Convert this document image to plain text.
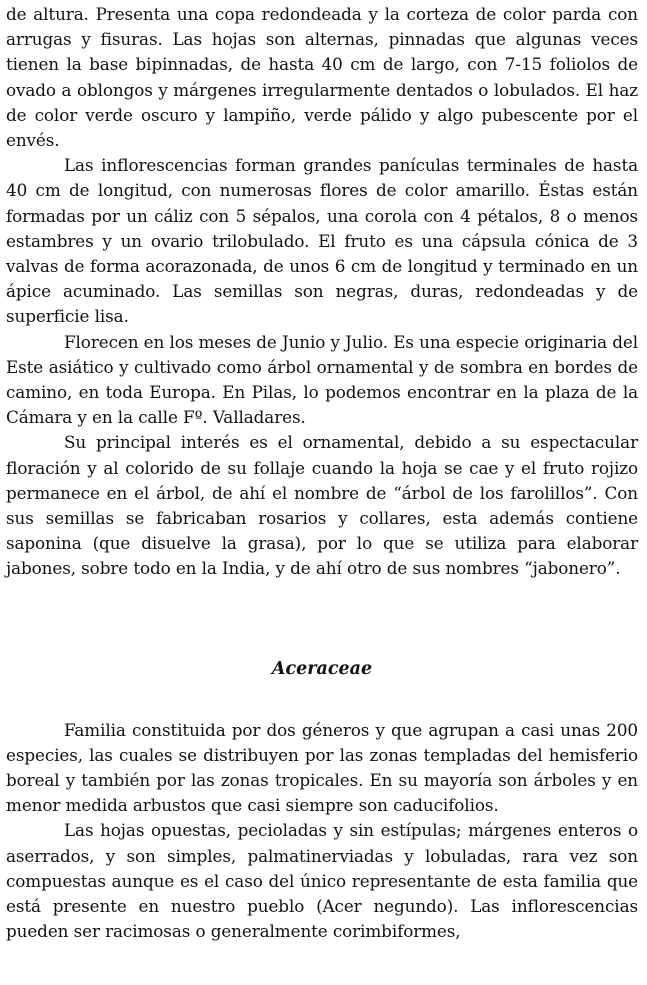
de altura. Presenta una copa redondeada y la corteza de color parda con arrugas y fisuras. Las hojas son alternas, pinnadas que algunas veces tienen la base bipinnadas, de hasta 40 cm de largo, con 7-15 foliolos de ovado a oblongos y márgenes irregularmente dentados o lobulados. El haz de color verde oscuro y lampiño, verde pálido y algo pubescente por el envés.

Las inflorescencias forman grandes panículas terminales de hasta 40 cm de longitud, con numerosas flores de color amarillo. Éstas están formadas por un cáliz con 5 sépalos, una corola con 4 pétalos, 8 o menos estambres y un ovario trilobulado. El fruto es una cápsula cónica de 3 valvas de forma acorazonada, de unos 6 cm de longitud y terminado en un ápice acuminado. Las semillas son negras, duras, redondeadas y de superficie lisa.

Florecen en los meses de Junio y Julio. Es una especie originaria del Este asiático y cultivado como árbol ornamental y de sombra en bordes de camino, en toda Europa. En Pilas, lo podemos encontrar en la plaza de la Cámara y en la calle Fº. Valladares.

Su principal interés es el ornamental, debido a su espectacular floración y al colorido de su follaje cuando la hoja se cae y el fruto rojizo permanece en el árbol, de ahí el nombre de “árbol de los farolillos”. Con sus semillas se fabricaban rosarios y collares, esta además contiene saponina (que disuelve la grasa), por lo que se utiliza para elaborar jabones, sobre todo en la India, y de ahí otro de sus nombres “jabonero”.

Aceraceae

Familia constituida por dos géneros y que agrupan a casi unas 200 especies, las cuales se distribuyen por las zonas templadas del hemisferio boreal y también por las zonas tropicales. En su mayoría son árboles y en menor medida arbustos que casi siempre son caducifolios.

Las hojas opuestas, pecioladas y sin estípulas; márgenes enteros o aserrados, y son simples, palmatinerviadas y lobuladas, rara vez son compuestas aunque es el caso del único representante de esta familia que está presente en nuestro pueblo (Acer negundo). Las inflorescencias pueden ser racimosas o generalmente corimbiformes,
